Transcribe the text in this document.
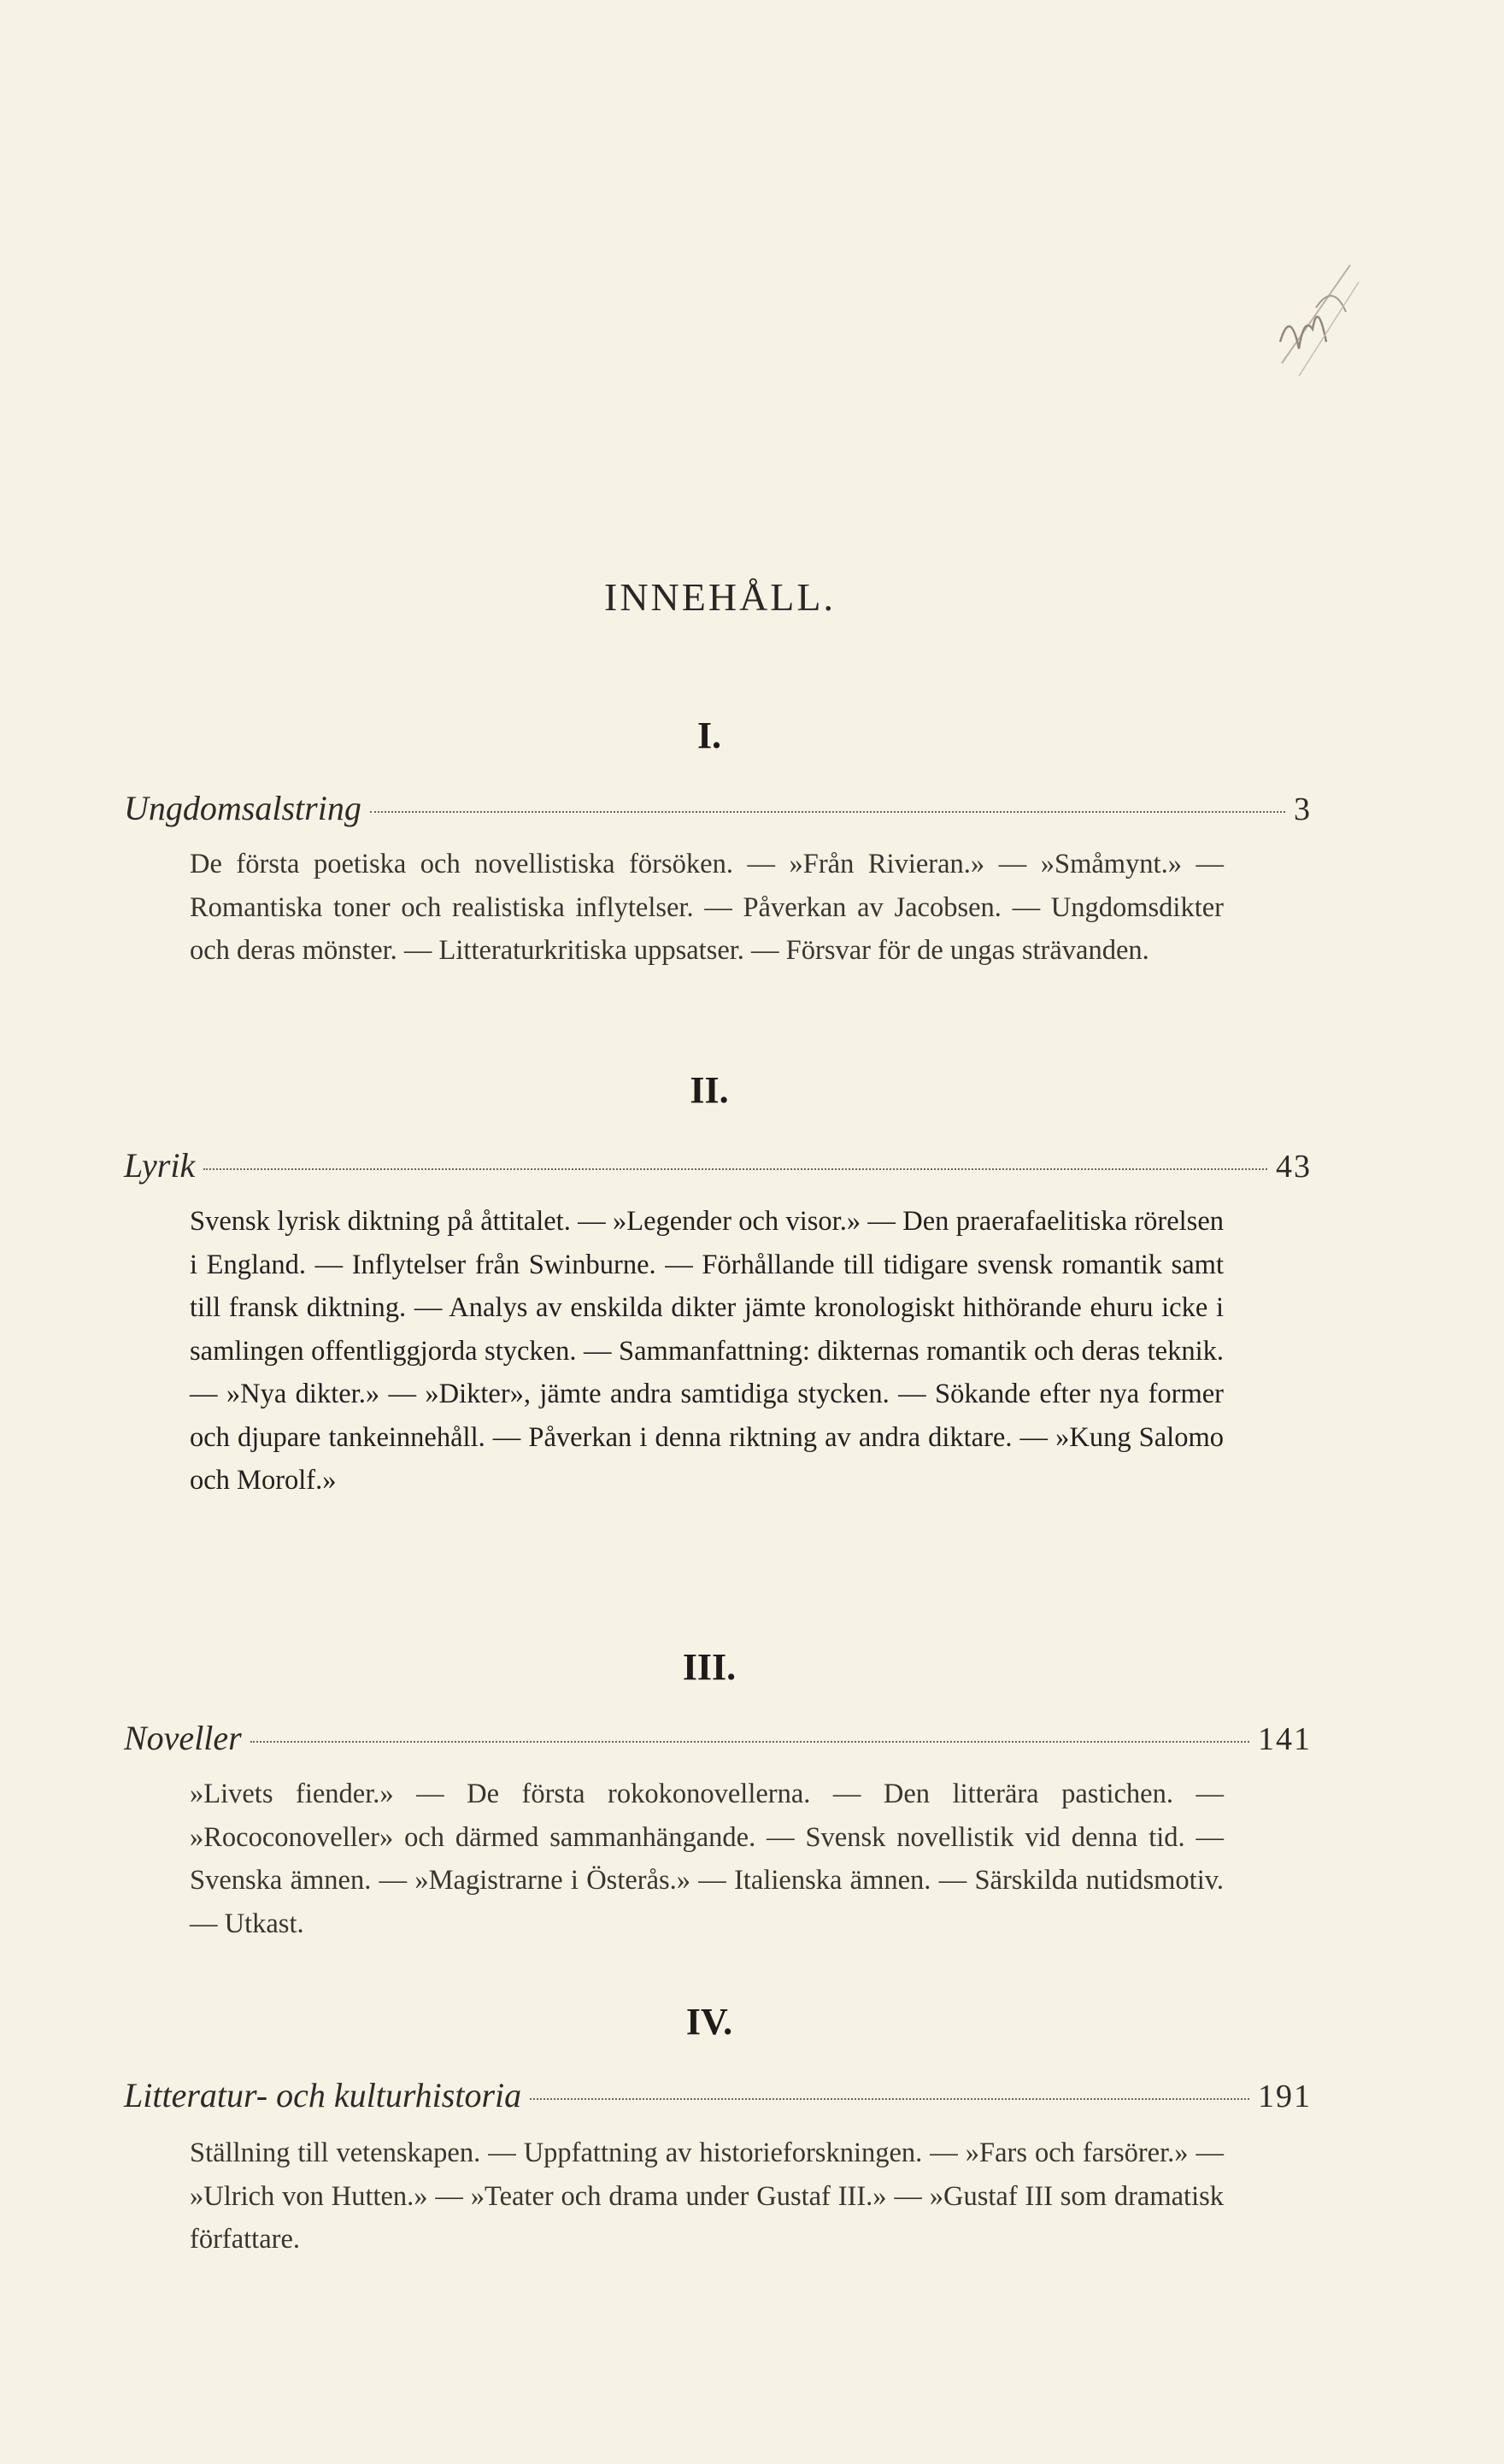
INNEHÅLL.
I.
Ungdomsalstring	3
De första poetiska och novellistiska försöken. — »Från Rivieran.» — »Småmynt.» — Romantiska toner och realistiska inflytelser. — Påverkan av Jacobsen. — Ungdomsdikter och deras mönster. — Litteraturkritiska uppsatser. — Försvar för de ungas strävanden.
II.
Lyrik	43
Svensk lyrisk diktning på åttitalet. — »Legender och visor.» — Den praerafaelitiska rörelsen i England. — Inflytelser från Swinburne. — Förhållande till tidigare svensk romantik samt till fransk diktning. — Analys av enskilda dikter jämte kronologiskt hithörande ehuru icke i samlingen offentliggjorda stycken. — Sammanfattning: dikternas romantik och deras teknik. — »Nya dikter.» — »Dikter», jämte andra samtidiga stycken. — Sökande efter nya former och djupare tankeinnehåll. — Påverkan i denna riktning av andra diktare. — »Kung Salomo och Morolf.»
III.
Noveller	141
»Livets fiender.» — De första rokokonovellerna. — Den litterära pastichen. — »Rococonoveller» och därmed sammanhängande. — Svensk novellistik vid denna tid. — Svenska ämnen. — »Magistrarne i Österås.» — Italienska ämnen. — Särskilda nutidsmotiv. — Utkast.
IV.
Litteratur- och kulturhistoria	191
Ställning till vetenskapen. — Uppfattning av historieforskningen. — »Fars och farsörer.» — »Ulrich von Hutten.» — »Teater och drama under Gustaf III.» — »Gustaf III som dramatisk författare.
